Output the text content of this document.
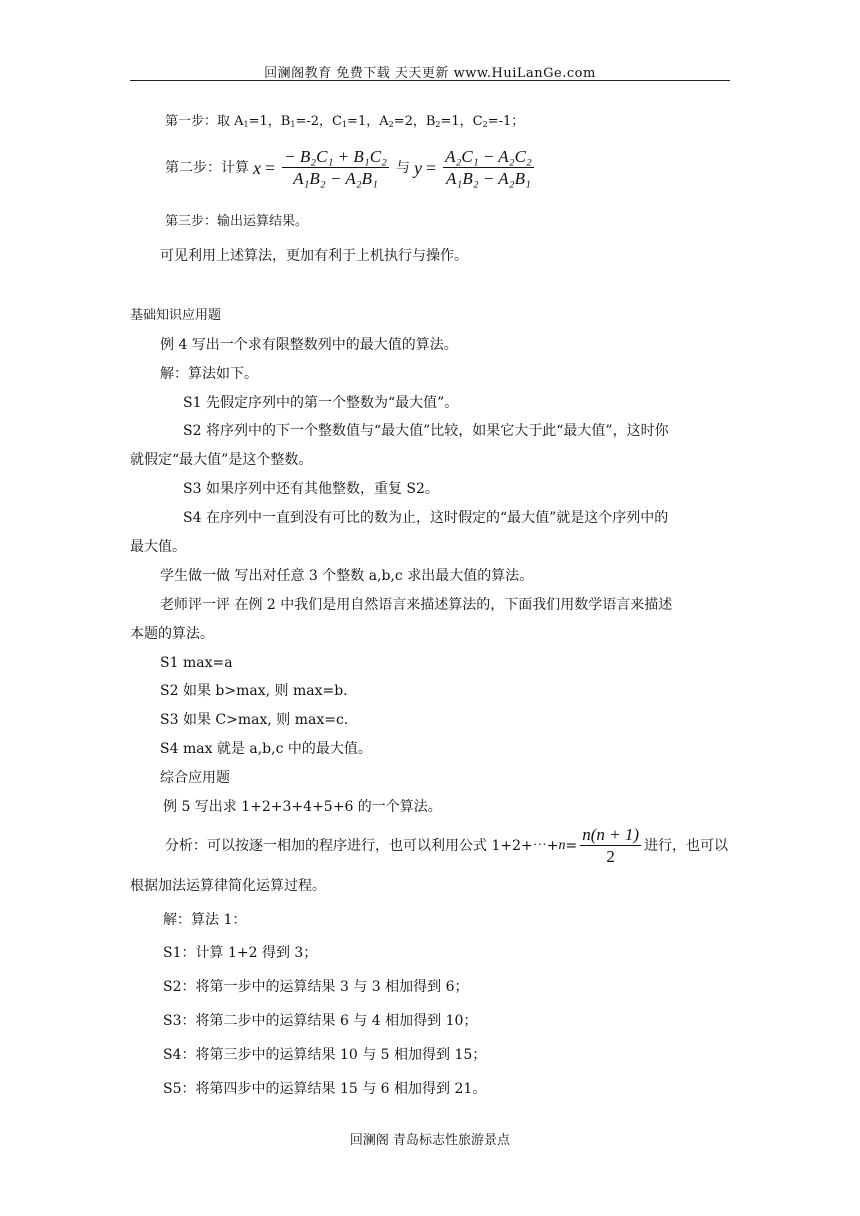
回澜阁教育 免费下载 天天更新 www.HuiLanGe.com
第一步：取 $A_1=1$，$B_1=-2$，$C_1=1$，$A_2=2$，$B_2=1$，$C_2=-1$；
第二步：计算 $x = \frac{\text{− B₂C₁ + B₁C₂}}{\text{A₁B₂ − A₂B₁}}$ 与 $y = \frac{\text{A₂C₁ − A₂C₂}}{\text{A₁B₂ − A₂B₁}}$
第三步：输出运算结果。
可见利用上述算法，更加有利于上机执行与操作。
基础知识应用题
例 4 写出一个求有限整数列中的最大值的算法。
解：算法如下。
S1 先假定序列中的第一个整数为“最大值”。
S2 将序列中的下一个整数值与“最大值”比较，如果它大于此“最大值”，这时你
就假定“最大值”是这个整数。
S3 如果序列中还有其他整数，重复 S2。
S4 在序列中一直到没有可比的数为止，这时假定的“最大值”就是这个序列中的
最大值。
学生做一做 写出对任意 3 个整数 a,b,c 求出最大值的算法。
老师评一评 在例 2 中我们是用自然语言来描述算法的，下面我们用数学语言来描述
本题的算法。
S1 max=a
S2 如果 b>max, 则 max=b.
S3 如果 C>max, 则 max=c.
S4 max 就是 a,b,c 中的最大值。
综合应用题
例 5 写出求 1+2+3+4+5+6 的一个算法。
分析：可以按逐一相加的程序进行，也可以利用公式 1+2+⋯+ $n = \frac{n(n + 1)}{2}$ 进行，也可以
根据加法运算律简化运算过程。
解：算法 1：
S1：计算 1+2 得到 3；
S2：将第一步中的运算结果 3 与 3 相加得到 6；
S3：将第二步中的运算结果 6 与 4 相加得到 10；
S4：将第三步中的运算结果 10 与 5 相加得到 15；
S5：将第四步中的运算结果 15 与 6 相加得到 21。
回澜阁 青岛标志性旅游景点
